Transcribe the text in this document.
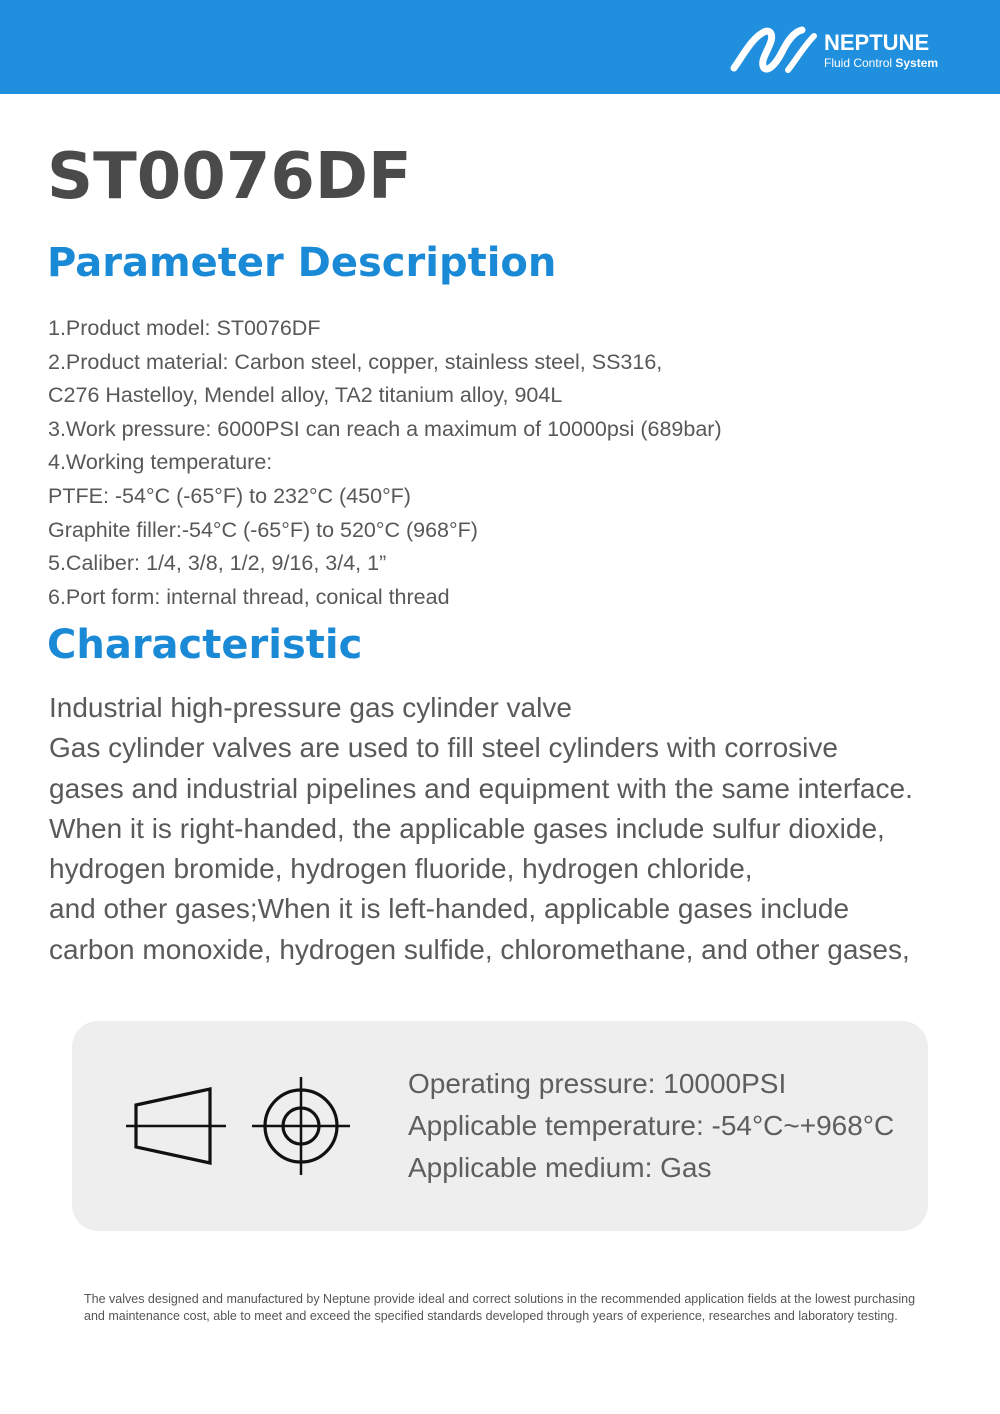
NEPTUNE
Fluid Control System
ST0076DF
Parameter Description
1.Product model: ST0076DF
2.Product material: Carbon steel, copper, stainless steel, SS316,
C276 Hastelloy, Mendel alloy, TA2 titanium alloy, 904L
3.Work pressure: 6000PSI can reach a maximum of 10000psi (689bar)
4.Working temperature:
PTFE: -54°C (-65°F) to 232°C (450°F)
Graphite filler:-54°C (-65°F) to 520°C (968°F)
5.Caliber: 1/4, 3/8, 1/2, 9/16, 3/4, 1”
6.Port form: internal thread, conical thread
Characteristic
Industrial high-pressure gas cylinder valve
Gas cylinder valves are used to fill steel cylinders with corrosive
gases and industrial pipelines and equipment with the same interface.
When it is right-handed, the applicable gases include sulfur dioxide,
hydrogen bromide, hydrogen fluoride, hydrogen chloride,
and other gases;When it is left-handed, applicable gases include
carbon monoxide, hydrogen sulfide, chloromethane, and other gases,
Operating pressure: 10000PSI
Applicable temperature: -54°C~+968°C
Applicable medium: Gas
The valves designed and manufactured by Neptune provide ideal and correct solutions in the recommended application fields at the lowest purchasing and maintenance cost, able to meet and exceed the specified standards developed through years of experience, researches and laboratory testing.
